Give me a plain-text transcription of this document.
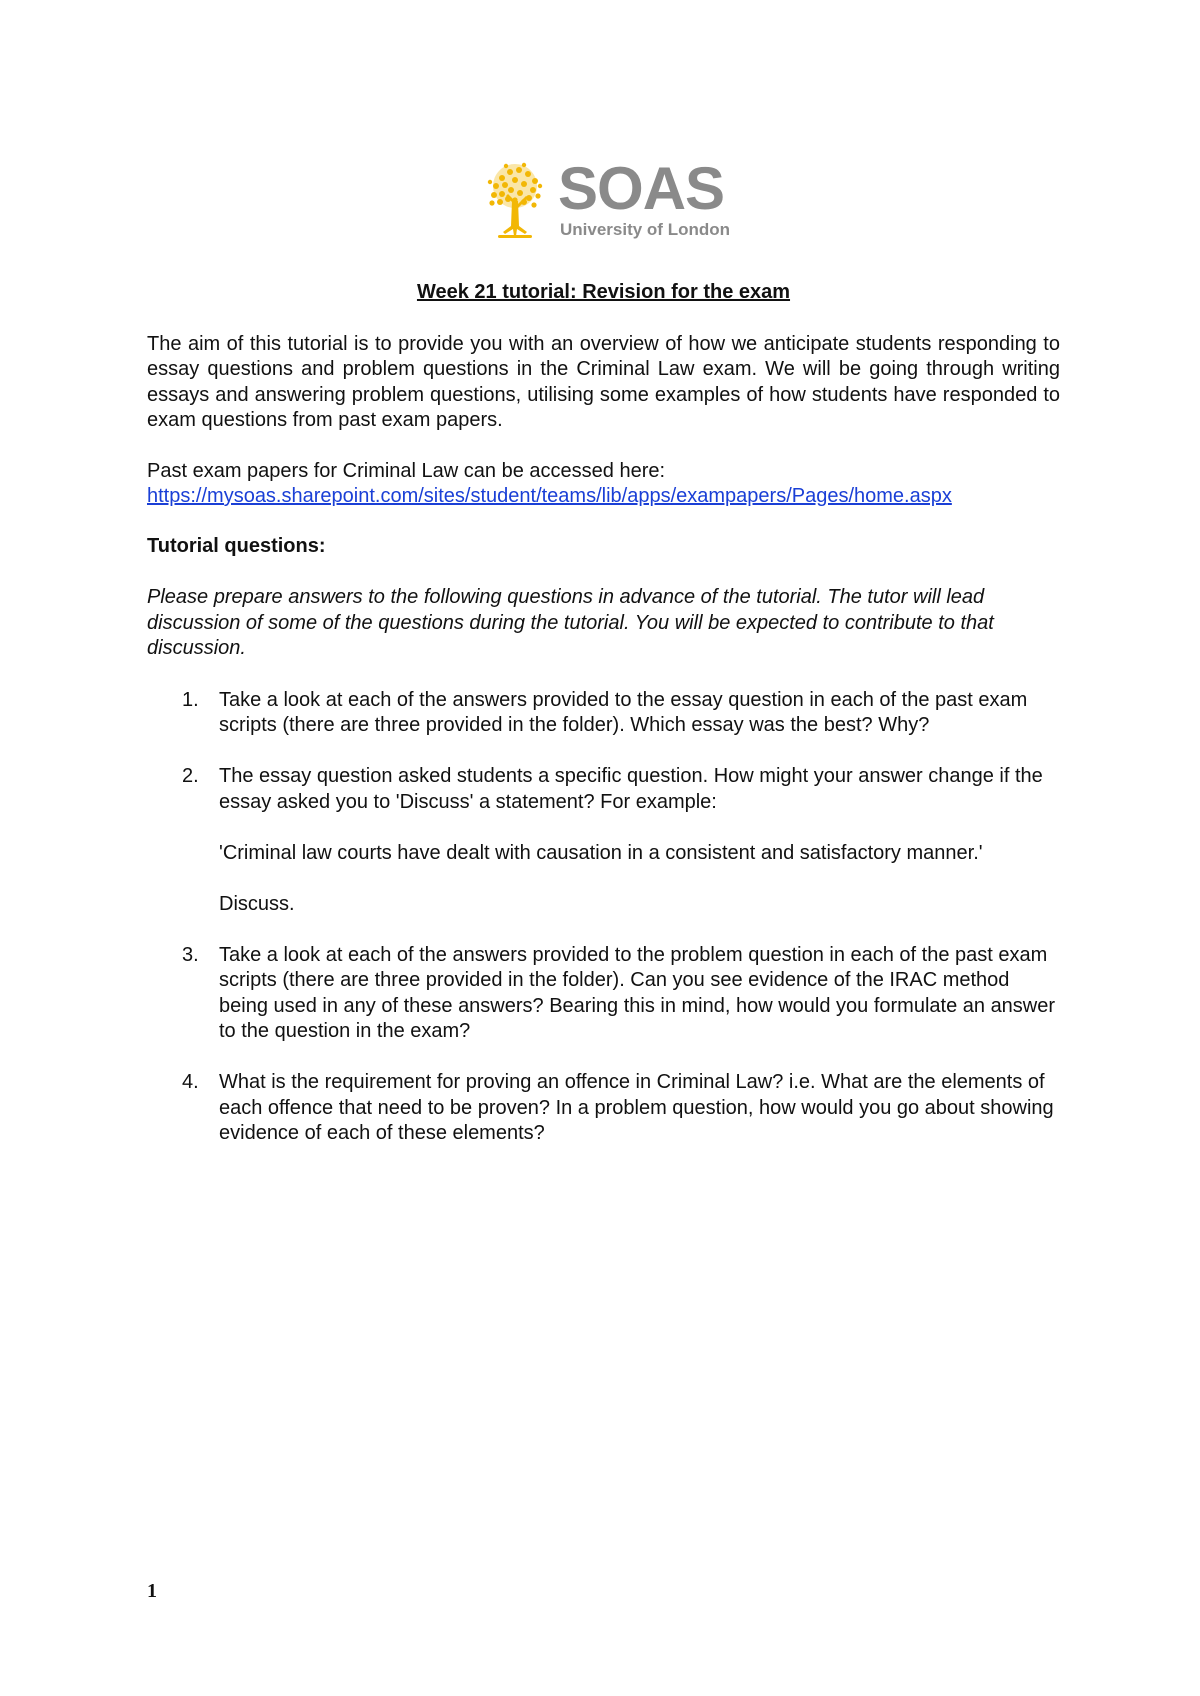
SOAS
University of London

Week 21 tutorial: Revision for the exam

The aim of this tutorial is to provide you with an overview of how we anticipate students responding to essay questions and problem questions in the Criminal Law exam. We will be going through writing essays and answering problem questions, utilising some examples of how students have responded to exam questions from past exam papers.

Past exam papers for Criminal Law can be accessed here:

https://mysoas.sharepoint.com/sites/student/teams/lib/apps/exampapers/Pages/home.aspx

Tutorial questions:

Please prepare answers to the following questions in advance of the tutorial. The tutor will lead discussion of some of the questions during the tutorial. You will be expected to contribute to that discussion.

1. Take a look at each of the answers provided to the essay question in each of the past exam scripts (there are three provided in the folder). Which essay was the best? Why?

2. The essay question asked students a specific question. How might your answer change if the essay asked you to 'Discuss' a statement? For example:

'Criminal law courts have dealt with causation in a consistent and satisfactory manner.'

Discuss.

3. Take a look at each of the answers provided to the problem question in each of the past exam scripts (there are three provided in the folder). Can you see evidence of the IRAC method being used in any of these answers? Bearing this in mind, how would you formulate an answer to the question in the exam?

4. What is the requirement for proving an offence in Criminal Law? i.e. What are the elements of each offence that need to be proven? In a problem question, how would you go about showing evidence of each of these elements?

1
